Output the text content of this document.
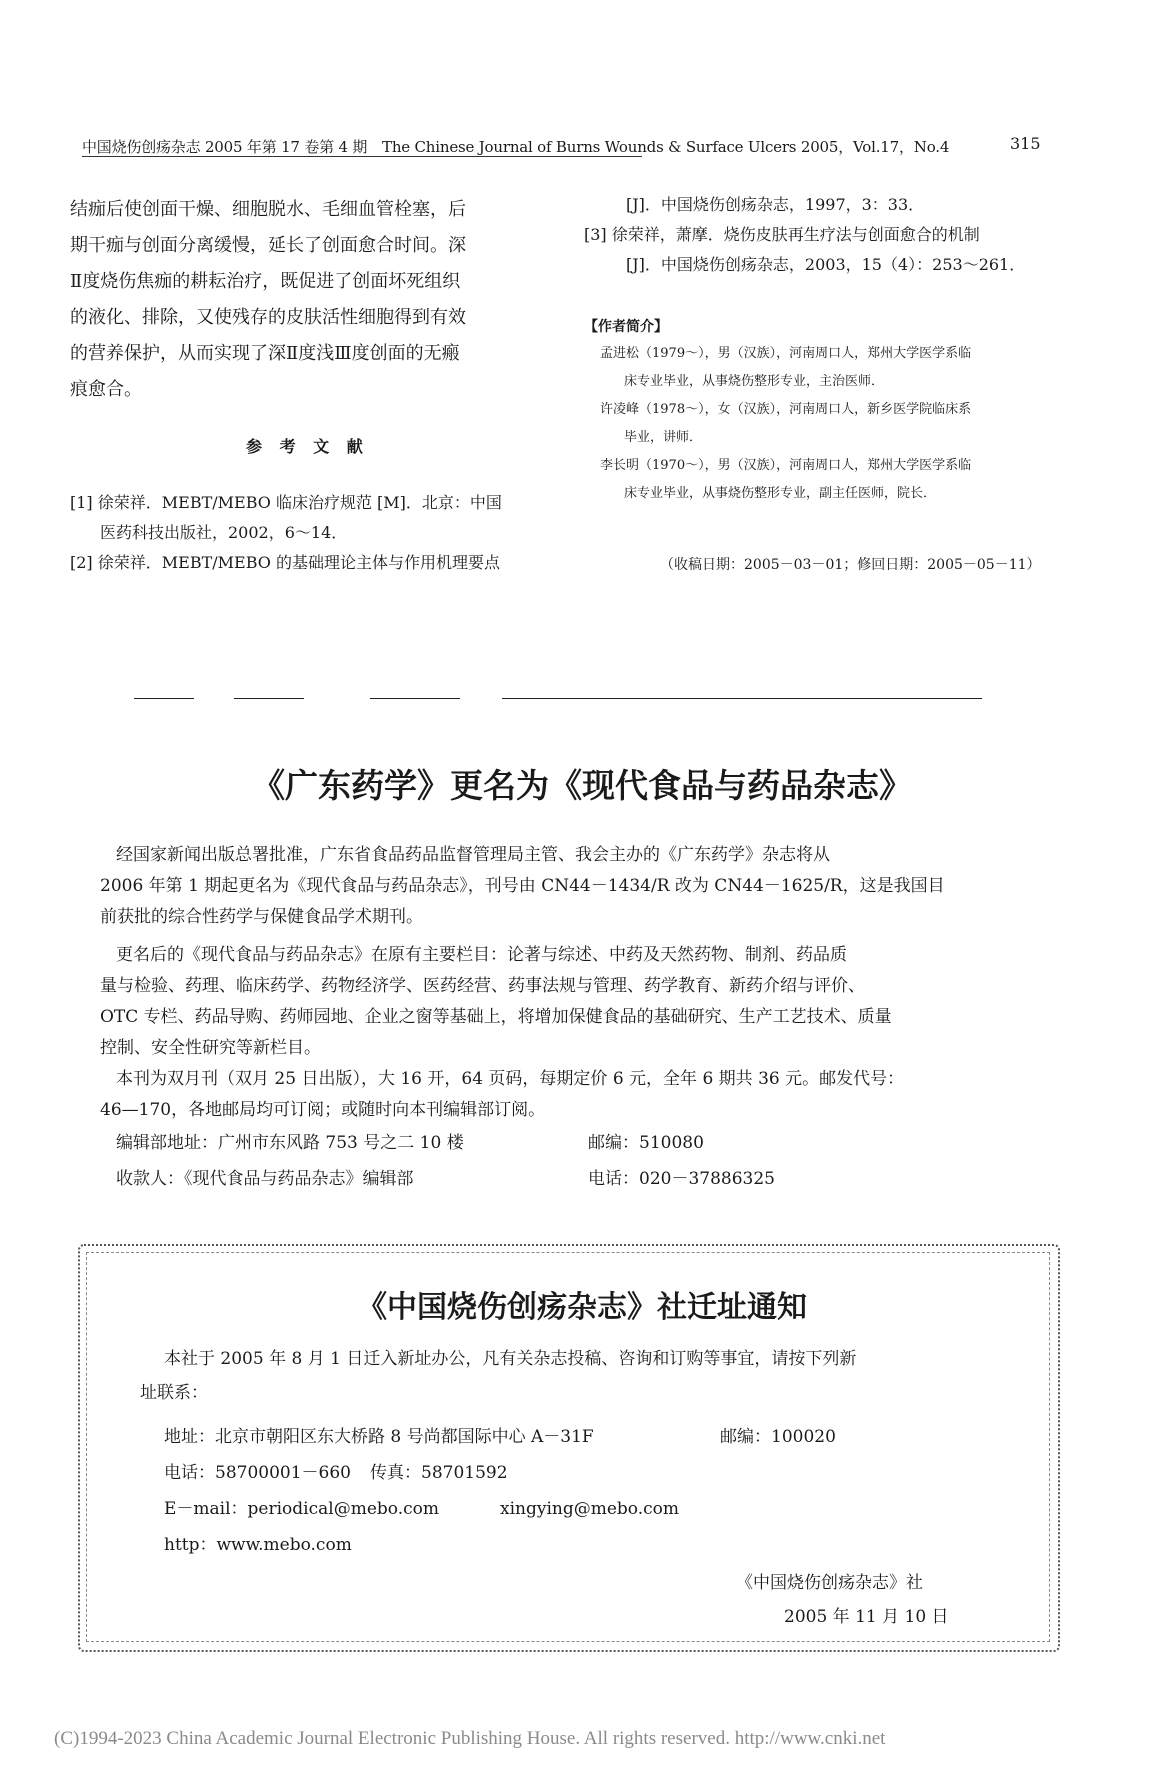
中国烧伤创疡杂志 2005 年第 17 卷第 4 期　The Chinese Journal of Burns Wounds & Surface Ulcers 2005，Vol.17，No.4	315
结痂后使创面干燥、细胞脱水、毛细血管栓塞，后
期干痂与创面分离缓慢，延长了创面愈合时间。深
Ⅱ度烧伤焦痂的耕耘治疗，既促进了创面坏死组织
的液化、排除，又使残存的皮肤活性细胞得到有效
的营养保护，从而实现了深Ⅱ度浅Ⅲ度创面的无瘢
痕愈合。
参 考 文 献
[1] 徐荣祥．MEBT/MEBO 临床治疗规范 [M]．北京：中国
医药科技出版社，2002，6～14．
[2] 徐荣祥．MEBT/MEBO 的基础理论主体与作用机理要点
[J]．中国烧伤创疡杂志，1997，3：33．
[3] 徐荣祥，萧摩．烧伤皮肤再生疗法与创面愈合的机制
[J]．中国烧伤创疡杂志，2003，15（4）：253～261．
【作者简介】
孟进松（1979～），男（汉族），河南周口人，郑州大学医学系临
床专业毕业，从事烧伤整形专业，主治医师．
许凌峰（1978～），女（汉族），河南周口人，新乡医学院临床系
毕业，讲师．
李长明（1970～），男（汉族），河南周口人，郑州大学医学系临
床专业毕业，从事烧伤整形专业，副主任医师，院长．
（收稿日期：2005－03－01；修回日期：2005－05－11）
《广东药学》更名为《现代食品与药品杂志》
经国家新闻出版总署批准，广东省食品药品监督管理局主管、我会主办的《广东药学》杂志将从
2006 年第 1 期起更名为《现代食品与药品杂志》，刊号由 CN44－1434/R 改为 CN44－1625/R，这是我国目
前获批的综合性药学与保健食品学术期刊。
更名后的《现代食品与药品杂志》在原有主要栏目：论著与综述、中药及天然药物、制剂、药品质
量与检验、药理、临床药学、药物经济学、医药经营、药事法规与管理、药学教育、新药介绍与评价、
OTC 专栏、药品导购、药师园地、企业之窗等基础上，将增加保健食品的基础研究、生产工艺技术、质量
控制、安全性研究等新栏目。
本刊为双月刊（双月 25 日出版），大 16 开，64 页码，每期定价 6 元，全年 6 期共 36 元。邮发代号：
46—170，各地邮局均可订阅；或随时向本刊编辑部订阅。
编辑部地址：广州市东风路 753 号之二 10 楼	邮编：510080
收款人：《现代食品与药品杂志》编辑部	电话：020－37886325
《中国烧伤创疡杂志》社迁址通知
本社于 2005 年 8 月 1 日迁入新址办公，凡有关杂志投稿、咨询和订购等事宜，请按下列新
址联系：
地址：北京市朝阳区东大桥路 8 号尚都国际中心 A－31F	邮编：100020
电话：58700001－660 传真：58701592
E－mail：periodical@mebo.com	xingying@mebo.com
http：www.mebo.com
《中国烧伤创疡杂志》社
2005 年 11 月 10 日
(C)1994-2023 China Academic Journal Electronic Publishing House. All rights reserved. http://www.cnki.net
